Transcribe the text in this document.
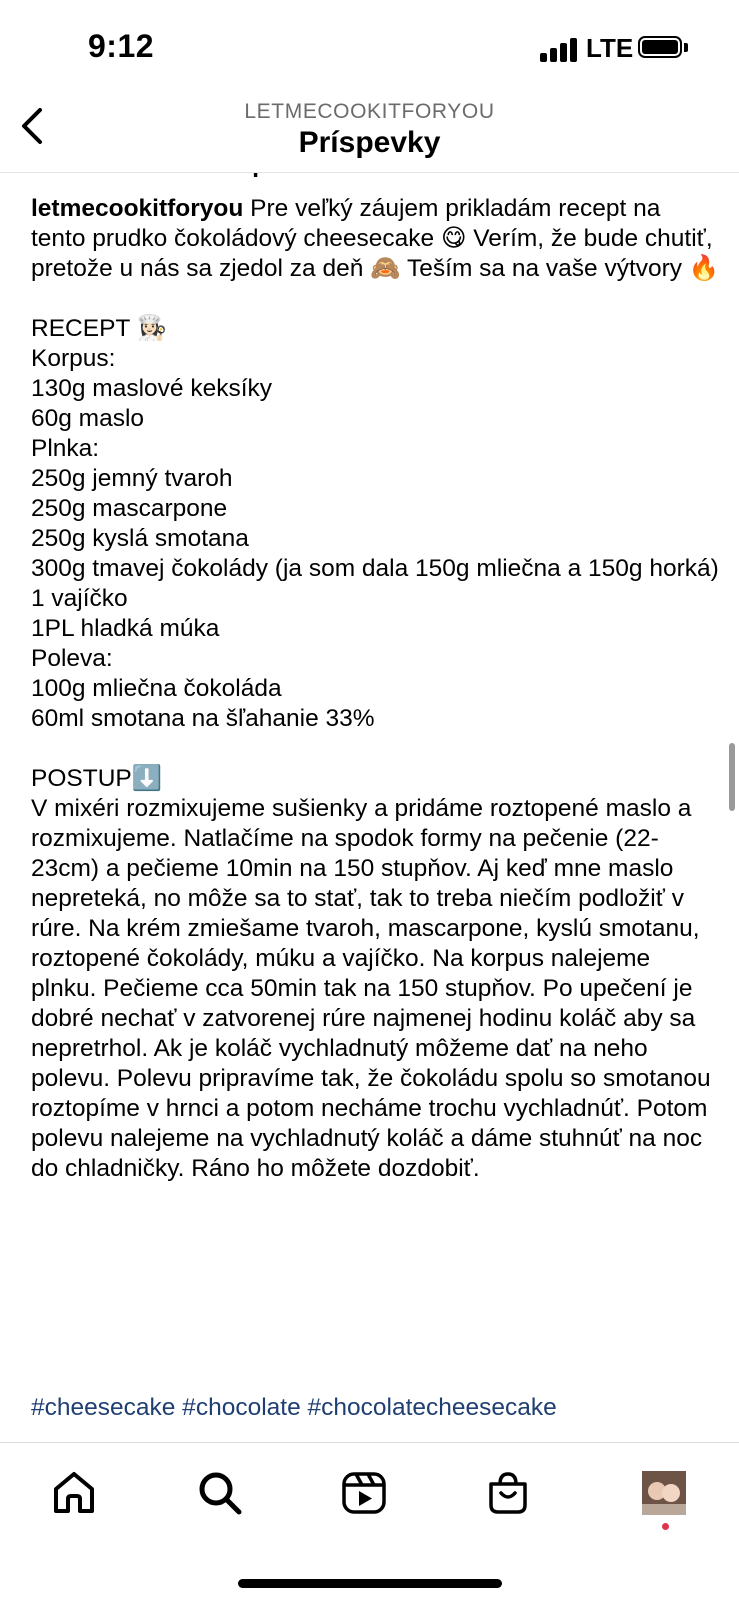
9:12	LTE
LETMECOOKITFORYOU
Príspevky
letmecookitforyou Pre veľký záujem prikladám recept na tento prudko čokoládový cheesecake 😋 Verím, že bude chutiť, pretože u nás sa zjedol za deň 🙈 Teším sa na vaše výtvory 🔥

RECEPT 👩🏻‍🍳
Korpus:
130g maslové keksíky
60g maslo
Plnka:
250g jemný tvaroh
250g mascarpone
250g kyslá smotana
300g tmavej čokolády (ja som dala 150g mliečna a 150g horká)
1 vajíčko
1PL hladká múka
Poleva:
100g mliečna čokoláda
60ml smotana na šľahanie 33%

POSTUP⬇️
V mixéri rozmixujeme sušienky a pridáme roztopené maslo a rozmixujeme. Natlačíme na spodok formy na pečenie (22-23cm) a pečieme 10min na 150 stupňov. Aj keď mne maslo nepreteká, no môže sa to stať, tak to treba niečím podložiť v rúre. Na krém zmiešame tvaroh, mascarpone, kyslú smotanu, roztopené čokolády, múku a vajíčko. Na korpus nalejeme plnku. Pečieme cca 50min tak na 150 stupňov. Po upečení je dobré nechať v zatvorenej rúre najmenej hodinu koláč aby sa nepretrhol. Ak je koláč vychladnutý môžeme dať na neho polevu. Polevu pripravíme tak, že čokoládu spolu so smotanou roztopíme v hrnci a potom necháme trochu vychladnúť. Potom polevu nalejeme na vychladnutý koláč a dáme stuhnúť na noc do chladničky. Ráno ho môžete dozdobiť.
#cheesecake #chocolate #chocolatecheesecake
